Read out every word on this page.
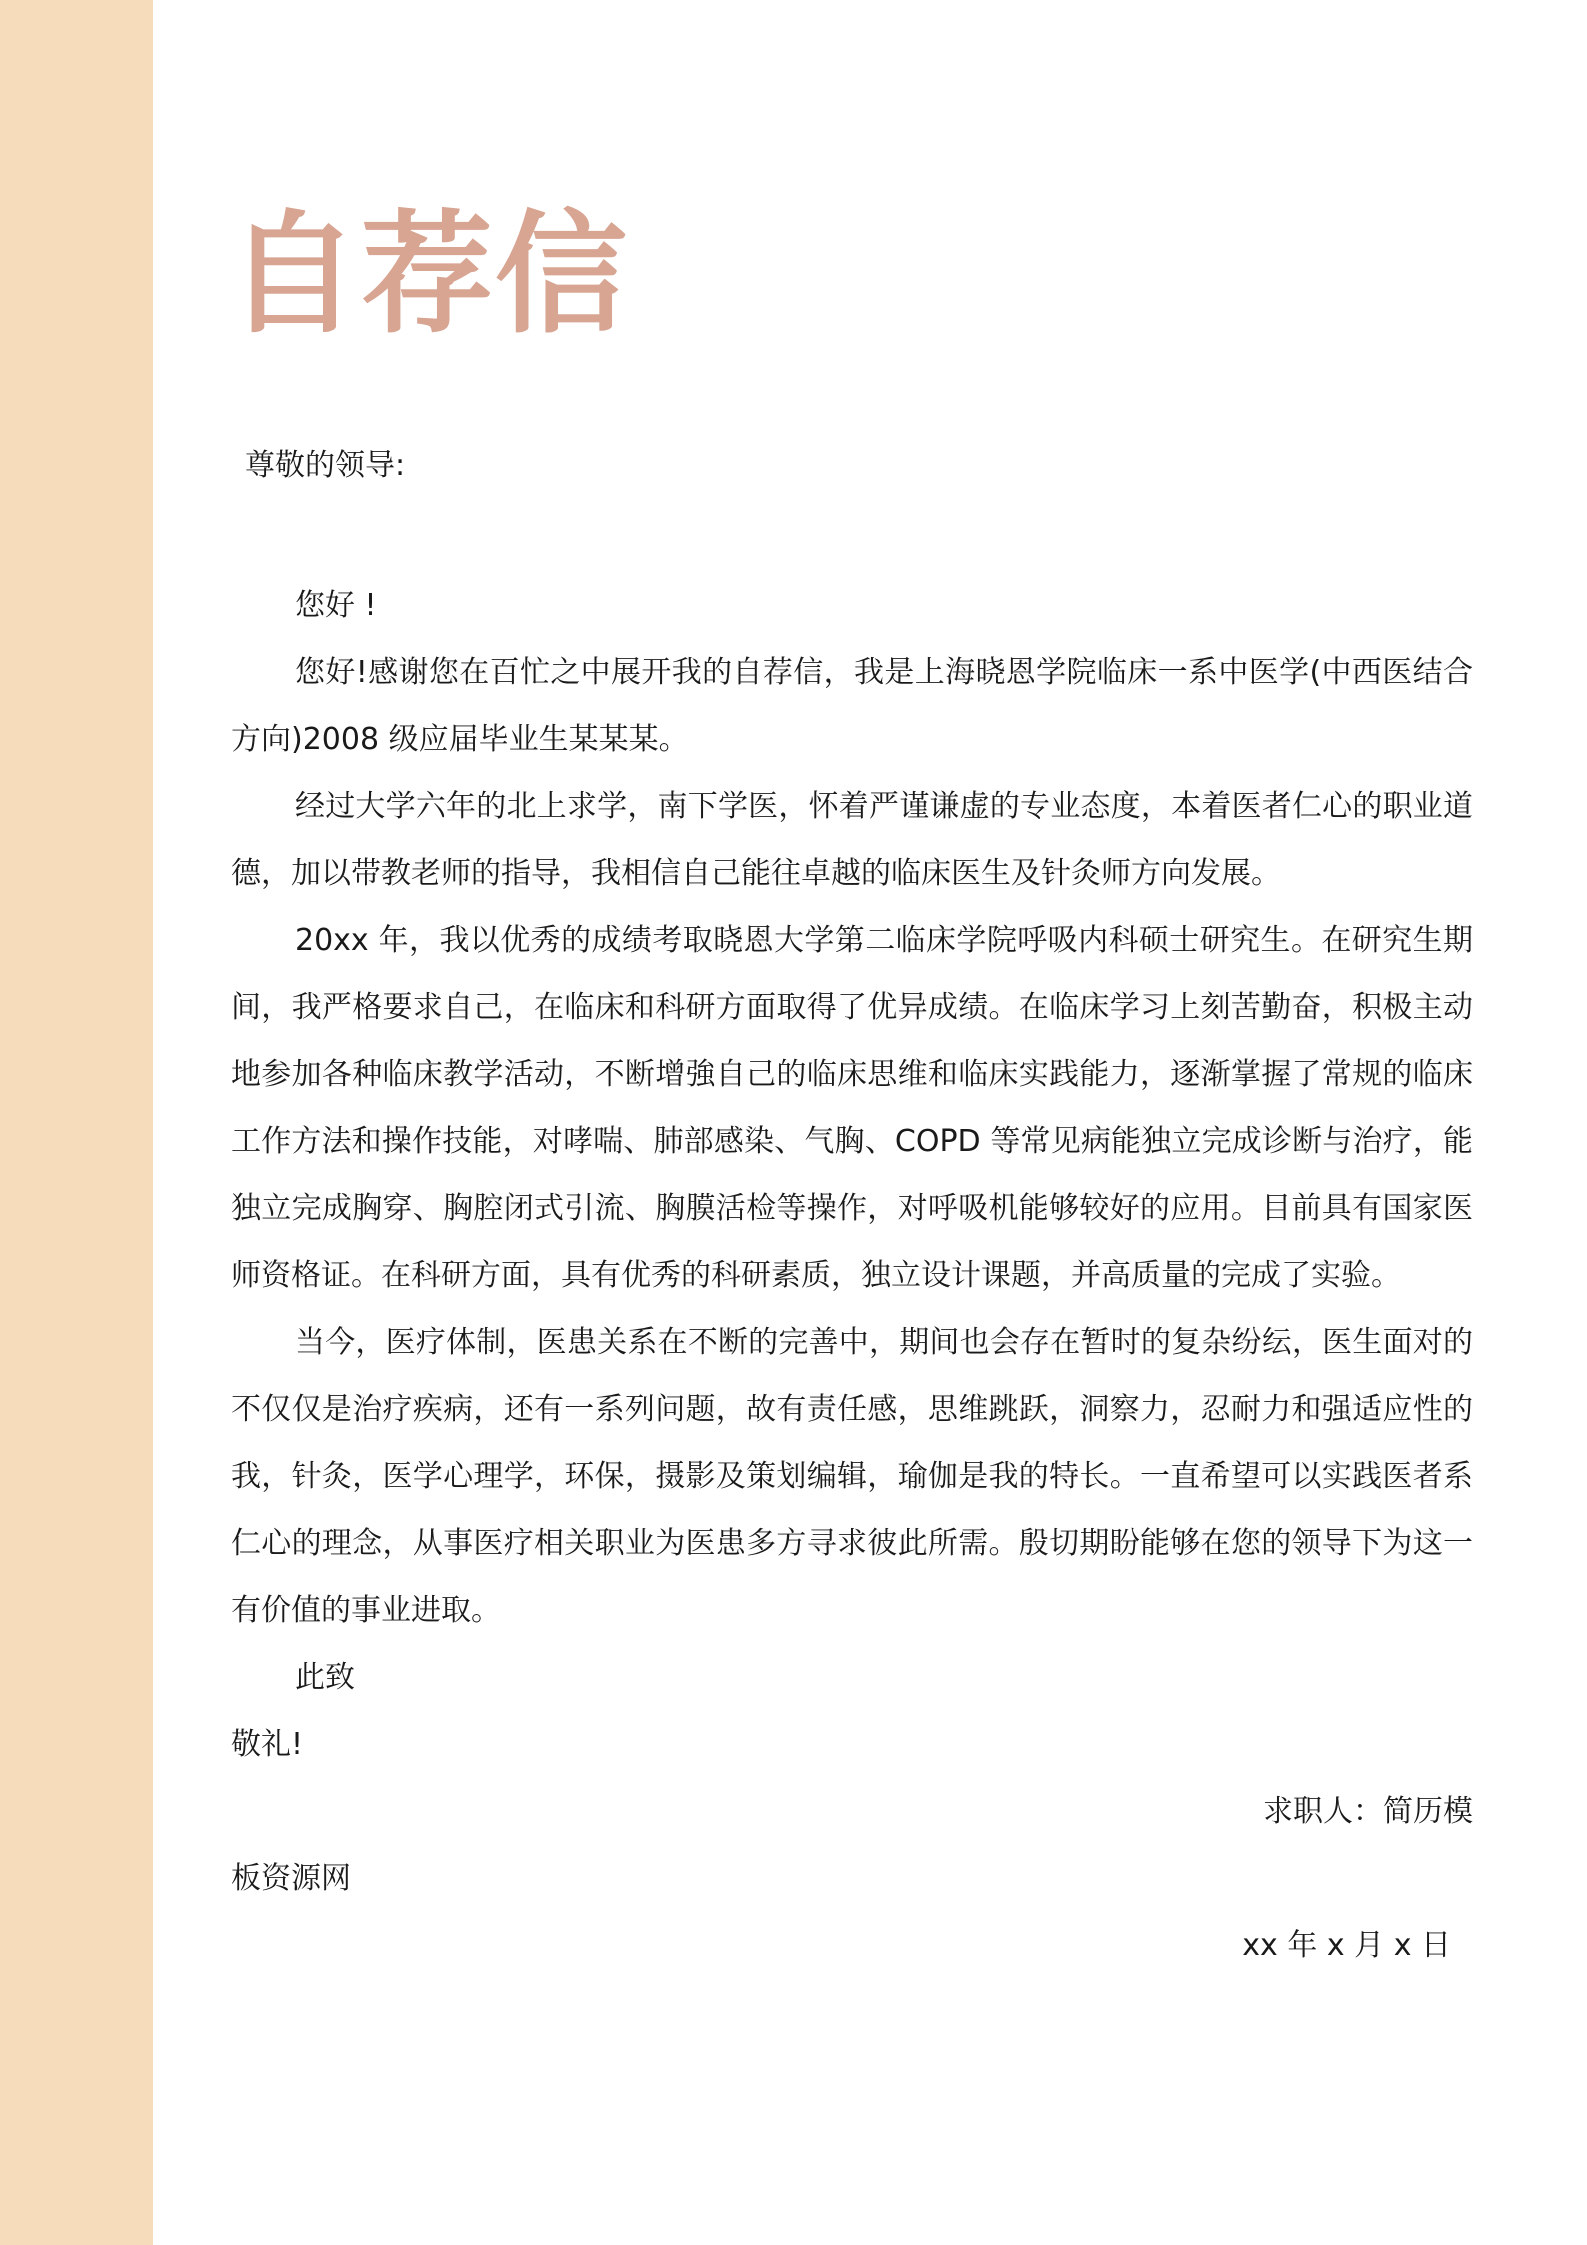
自荐信

尊敬的领导:

您好 !

您好!感谢您在百忙之中展开我的自荐信，我是上海晓恩学院临床一系中医学(中西医结合方向)2008 级应届毕业生某某某。

经过大学六年的北上求学，南下学医，怀着严谨谦虚的专业态度，本着医者仁心的职业道德，加以带教老师的指导，我相信自己能往卓越的临床医生及针灸师方向发展。

20xx 年，我以优秀的成绩考取晓恩大学第二临床学院呼吸内科硕士研究生。在研究生期间，我严格要求自己，在临床和科研方面取得了优异成绩。在临床学习上刻苦勤奋，积极主动地参加各种临床教学活动，不断增強自己的临床思维和临床实践能力，逐渐掌握了常规的临床工作方法和操作技能，对哮喘、肺部感染、气胸、COPD 等常见病能独立完成诊断与治疗，能独立完成胸穿、胸腔闭式引流、胸膜活检等操作，对呼吸机能够较好的应用。目前具有国家医师资格证。在科研方面，具有优秀的科研素质，独立设计课题，并高质量的完成了实验。

当今，医疗体制，医患关系在不断的完善中，期间也会存在暂时的复杂纷纭，医生面对的不仅仅是治疗疾病，还有一系列问题，故有责任感，思维跳跃，洞察力，忍耐力和强适应性的我，针灸，医学心理学，环保，摄影及策划编辑，瑜伽是我的特长。一直希望可以实践医者系仁心的理念，从事医疗相关职业为医患多方寻求彼此所需。殷切期盼能够在您的领导下为这一有价值的事业进取。

此致

敬礼!

求职人：简历模

板资源网

xx 年 x 月 x 日
